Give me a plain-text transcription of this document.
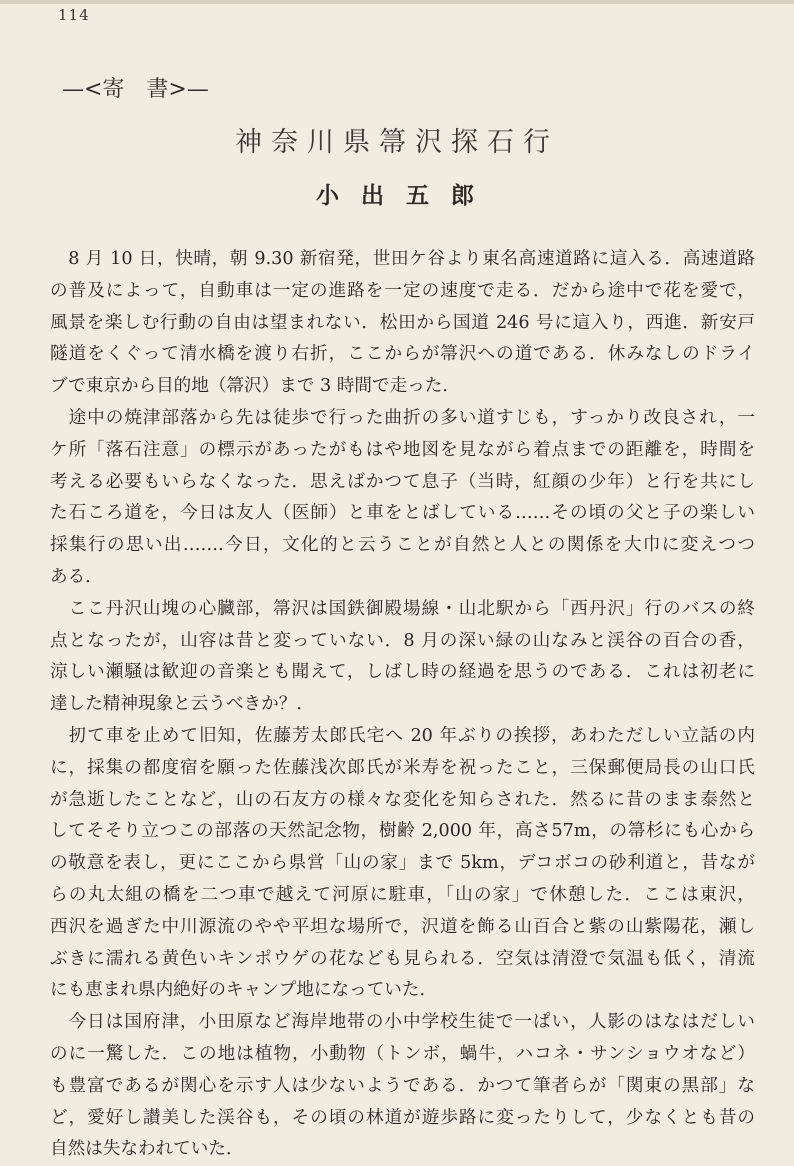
114
—<寄　書>—
神奈川県箒沢探石行
小出五郎
　8 月 10 日，快晴，朝 9.30 新宿発，世田ケ谷より東名高速道路に這入る．高速道路
の普及によって，自動車は一定の進路を一定の速度で走る．だから途中で花を愛で，
風景を楽しむ行動の自由は望まれない．松田から国道 246 号に這入り，西進．新安戸
隧道をくぐって清水橋を渡り右折，ここからが箒沢への道である．休みなしのドライ
ブで東京から目的地（箒沢）まで 3 時間で走った．
　途中の焼津部落から先は徒歩で行った曲折の多い道すじも，すっかり改良され，一
ケ所「落石注意」の標示があったがもはや地図を見ながら着点までの距離を，時間を
考える必要もいらなくなった．思えばかつて息子（当時，紅顔の少年）と行を共にし
た石ころ道を，今日は友人（医師）と車をとばしている……その頃の父と子の楽しい
採集行の思い出…….今日，文化的と云うことが自然と人との関係を大巾に変えつつ
ある．
　ここ丹沢山塊の心臓部，箒沢は国鉄御殿場線・山北駅から「西丹沢」行のバスの終
点となったが，山容は昔と変っていない．8 月の深い緑の山なみと渓谷の百合の香，
涼しい瀬騒は歓迎の音楽とも聞えて，しばし時の経過を思うのである．これは初老に
達した精神現象と云うべきか？．
　扨て車を止めて旧知，佐藤芳太郎氏宅へ 20 年ぶりの挨拶，あわただしい立話の内
に，採集の都度宿を願った佐藤浅次郎氏が米寿を祝ったこと，三保郵便局長の山口氏
が急逝したことなど，山の石友方の様々な変化を知らされた．然るに昔のまま泰然と
してそそり立つこの部落の天然記念物，樹齢 2,000 年，高さ57m，の箒杉にも心から
の敬意を表し，更にここから県営「山の家」まで 5km，デコボコの砂利道と，昔なが
らの丸太組の橋を二つ車で越えて河原に駐車，「山の家」で休憩した．ここは東沢，
西沢を過ぎた中川源流のやや平坦な場所で，沢道を飾る山百合と紫の山紫陽花，瀬し
ぶきに濡れる黄色いキンポウゲの花なども見られる．空気は清澄で気温も低く，清流
にも恵まれ県内絶好のキャンプ地になっていた．
　今日は国府津，小田原など海岸地帯の小中学校生徒で一ぱい，人影のはなはだしい
のに一驚した．この地は植物，小動物（トンボ，蝸牛，ハコネ・サンショウオなど）
も豊富であるが関心を示す人は少ないようである．かつて筆者らが「関東の黒部」な
ど，愛好し讃美した渓谷も，その頃の林道が遊歩路に変ったりして，少なくとも昔の
自然は失なわれていた．
